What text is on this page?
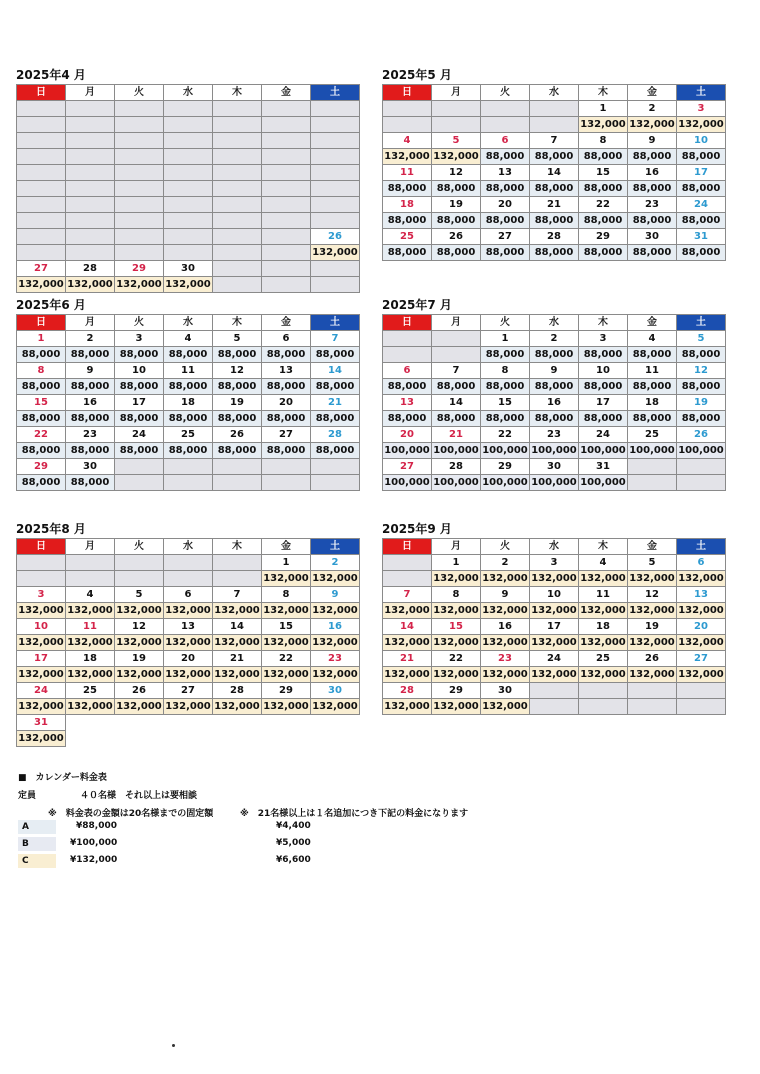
2025年4 月
日	月	火	水	木	金	土

						26
						132,000
27	28	29	30			
132,000	132,000	132,000	132,000			
2025年5 月
日	月	火	水	木	金	土
				1	2	3
				132,000	132,000	132,000
4	5	6	7	8	9	10
132,000	132,000	88,000	88,000	88,000	88,000	88,000
11	12	13	14	15	16	17
88,000	88,000	88,000	88,000	88,000	88,000	88,000
18	19	20	21	22	23	24
88,000	88,000	88,000	88,000	88,000	88,000	88,000
25	26	27	28	29	30	31
88,000	88,000	88,000	88,000	88,000	88,000	88,000
2025年6 月
日	月	火	水	木	金	土
1	2	3	4	5	6	7
88,000	88,000	88,000	88,000	88,000	88,000	88,000
8	9	10	11	12	13	14
88,000	88,000	88,000	88,000	88,000	88,000	88,000
15	16	17	18	19	20	21
88,000	88,000	88,000	88,000	88,000	88,000	88,000
22	23	24	25	26	27	28
88,000	88,000	88,000	88,000	88,000	88,000	88,000
29	30					
88,000	88,000					
2025年7 月
日	月	火	水	木	金	土
		1	2	3	4	5
		88,000	88,000	88,000	88,000	88,000
6	7	8	9	10	11	12
88,000	88,000	88,000	88,000	88,000	88,000	88,000
13	14	15	16	17	18	19
88,000	88,000	88,000	88,000	88,000	88,000	88,000
20	21	22	23	24	25	26
100,000	100,000	100,000	100,000	100,000	100,000	100,000
27	28	29	30	31		
100,000	100,000	100,000	100,000	100,000		
2025年8 月
日	月	火	水	木	金	土
					1	2
					132,000	132,000
3	4	5	6	7	8	9
132,000	132,000	132,000	132,000	132,000	132,000	132,000
10	11	12	13	14	15	16
132,000	132,000	132,000	132,000	132,000	132,000	132,000
17	18	19	20	21	22	23
132,000	132,000	132,000	132,000	132,000	132,000	132,000
24	25	26	27	28	29	30
132,000	132,000	132,000	132,000	132,000	132,000	132,000
31						
132,000						
2025年9 月
日	月	火	水	木	金	土
	1	2	3	4	5	6
	132,000	132,000	132,000	132,000	132,000	132,000
7	8	9	10	11	12	13
132,000	132,000	132,000	132,000	132,000	132,000	132,000
14	15	16	17	18	19	20
132,000	132,000	132,000	132,000	132,000	132,000	132,000
21	22	23	24	25	26	27
132,000	132,000	132,000	132,000	132,000	132,000	132,000
28	29	30				
132,000	132,000	132,000				
■　カレンダー料金表
定員	４０名様　それ以上は要相談
※　料金表の金額は20名様までの固定額	※　21名様以上は１名追加につき下記の料金になります
A	¥88,000	¥4,400
B	¥100,000	¥5,000
C	¥132,000	¥6,600
